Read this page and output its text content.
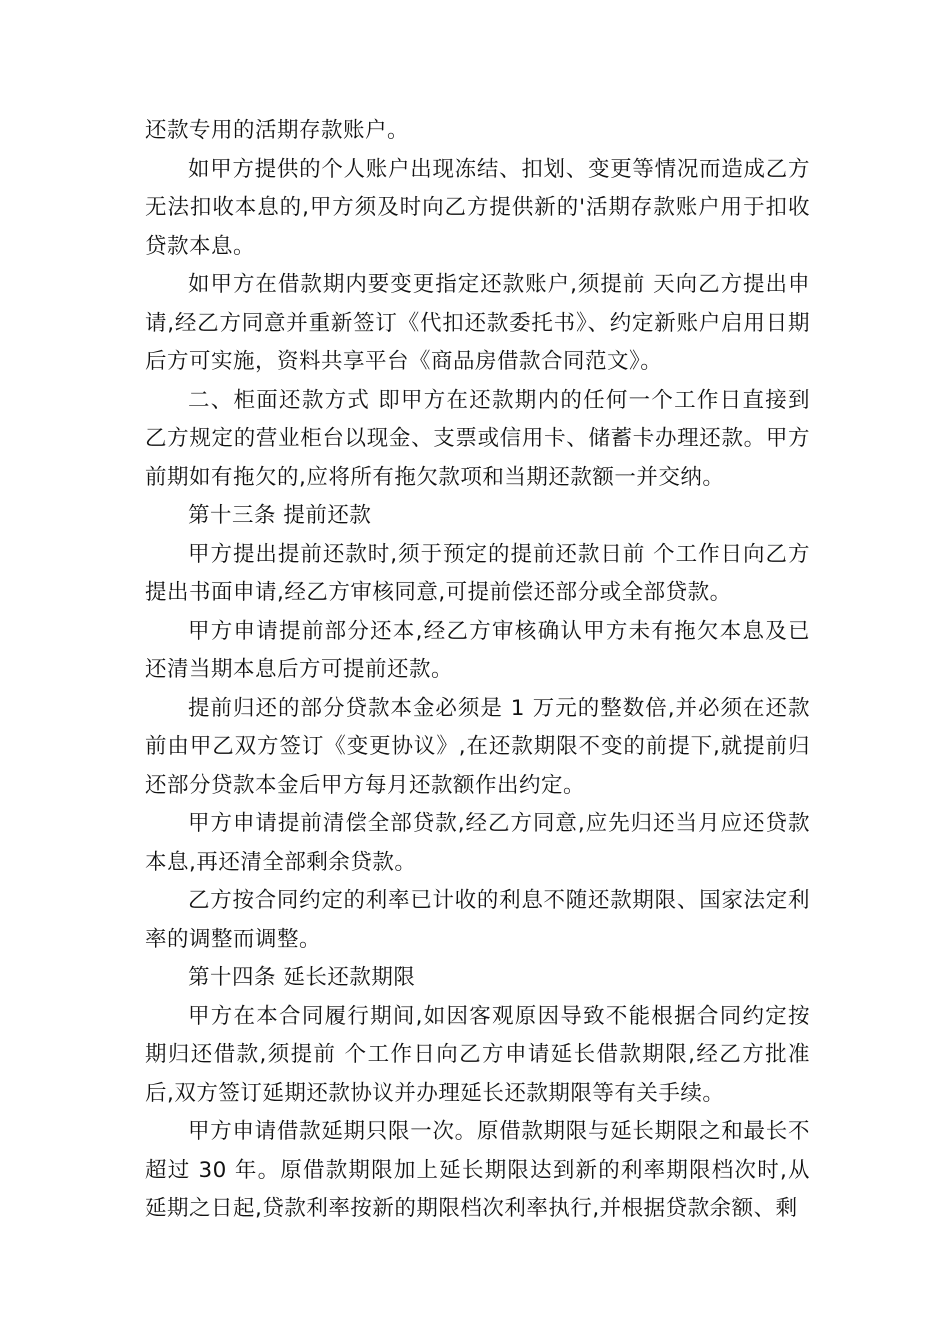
还款专用的活期存款账户。

如甲方提供的个人账户出现冻结、扣划、变更等情况而造成乙方无法扣收本息的,甲方须及时向乙方提供新的'活期存款账户用于扣收贷款本息。

如甲方在借款期内要变更指定还款账户,须提前 天向乙方提出申请,经乙方同意并重新签订《代扣还款委托书》、约定新账户启用日期后方可实施，资料共享平台《商品房借款合同范文》。

二、柜面还款方式 即甲方在还款期内的任何一个工作日直接到乙方规定的营业柜台以现金、支票或信用卡、储蓄卡办理还款。甲方前期如有拖欠的,应将所有拖欠款项和当期还款额一并交纳。

第十三条 提前还款

甲方提出提前还款时,须于预定的提前还款日前 个工作日向乙方提出书面申请,经乙方审核同意,可提前偿还部分或全部贷款。

甲方申请提前部分还本,经乙方审核确认甲方未有拖欠本息及已还清当期本息后方可提前还款。

提前归还的部分贷款本金必须是 1 万元的整数倍,并必须在还款前由甲乙双方签订《变更协议》,在还款期限不变的前提下,就提前归还部分贷款本金后甲方每月还款额作出约定。

甲方申请提前清偿全部贷款,经乙方同意,应先归还当月应还贷款本息,再还清全部剩余贷款。

乙方按合同约定的利率已计收的利息不随还款期限、国家法定利率的调整而调整。

第十四条 延长还款期限

甲方在本合同履行期间,如因客观原因导致不能根据合同约定按期归还借款,须提前 个工作日向乙方申请延长借款期限,经乙方批准后,双方签订延期还款协议并办理延长还款期限等有关手续。

甲方申请借款延期只限一次。原借款期限与延长期限之和最长不超过 30 年。原借款期限加上延长期限达到新的利率期限档次时,从延期之日起,贷款利率按新的期限档次利率执行,并根据贷款余额、剩
